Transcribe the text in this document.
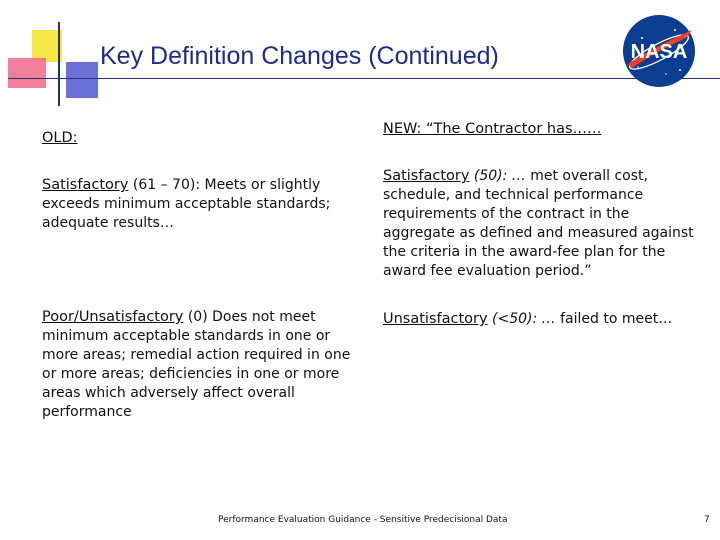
Key Definition Changes (Continued)	NASA
OLD:
NEW: “The Contractor has……

Satisfactory (61 – 70): Meets or slightly exceeds minimum acceptable standards; adequate results…

Poor/Unsatisfactory (0) Does not meet minimum acceptable standards in one or more areas; remedial action required in one or more areas; deficiencies in one or more areas which adversely affect overall performance

Satisfactory (50): … met overall cost, schedule, and technical performance requirements of the contract in the aggregate as defined and measured against the criteria in the award-fee plan for the award fee evaluation period.”

Unsatisfactory (<50): … failed to meet…

Performance Evaluation Guidance - Sensitive Predecisional Data	7
